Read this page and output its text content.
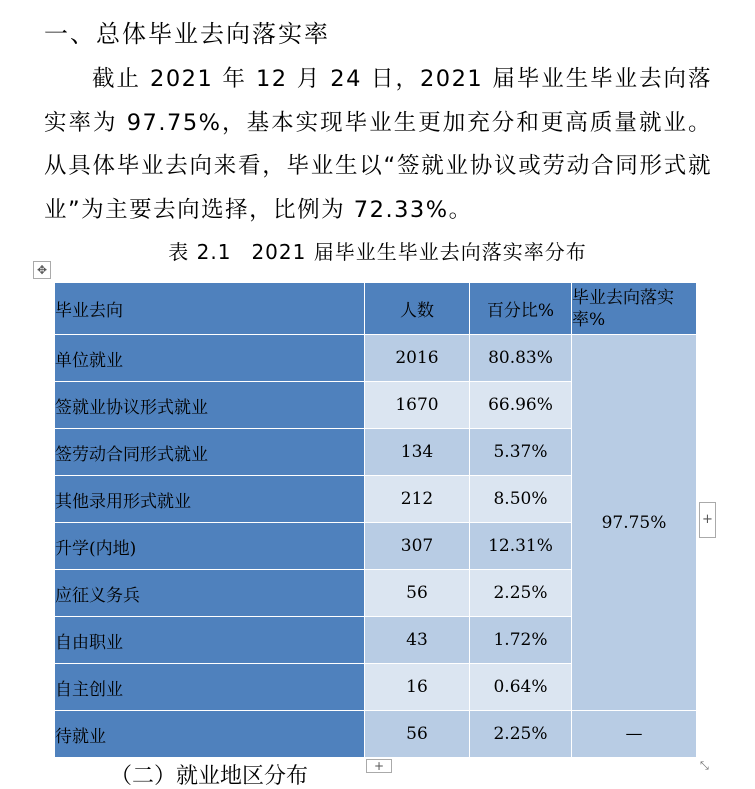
一、总体毕业去向落实率
截止 2021 年 12 月 24 日，2021 届毕业生毕业去向落实率为 97.75%，基本实现毕业生更加充分和更高质量就业。从具体毕业去向来看，毕业生以“签就业协议或劳动合同形式就业”为主要去向选择，比例为 72.33%。
表 2.1 2021 届毕业生毕业去向落实率分布
✥
毕业去向	人数	百分比%	毕业去向落实率%
单位就业	2016	80.83%	97.75%
签就业协议形式就业	1670	66.96%	
签劳动合同形式就业	134	5.37%	
其他录用形式就业	212	8.50%	
升学(内地)	307	12.31%	
应征义务兵	56	2.25%	
自由职业	43	1.72%	
自主创业	16	0.64%	
待就业	56	2.25%	—
+
+	⤡
（二）就业地区分布
